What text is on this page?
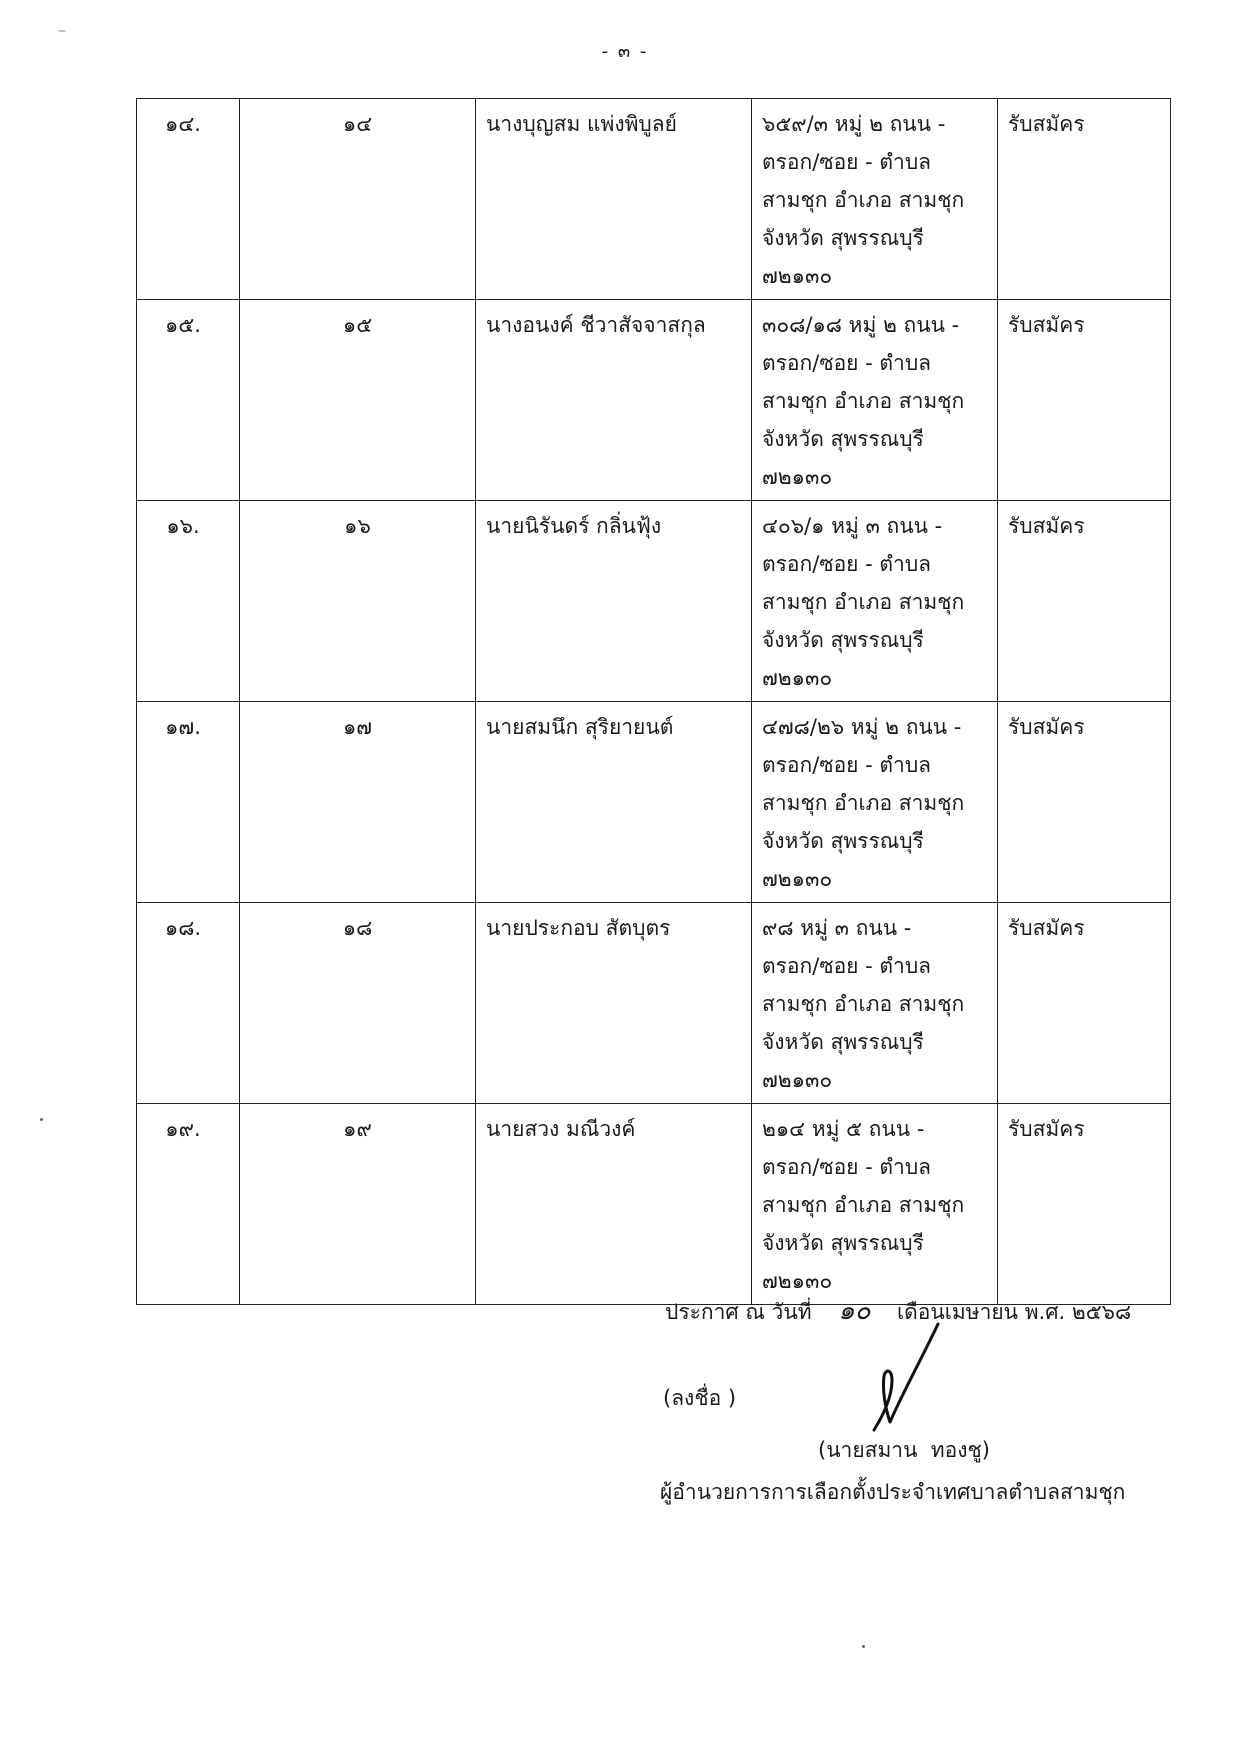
- ๓ -
๑๔.	๑๔	นางบุญสม แพ่งพิบูลย์	๖๕๙/๓ หมู่ ๒ ถนน -
ตรอก/ซอย - ตำบล
สามชุก อำเภอ สามชุก
จังหวัด สุพรรณบุรี
๗๒๑๓๐	รับสมัคร
๑๕.	๑๕	นางอนงค์ ชีวาสัจจาสกุล	๓๐๘/๑๘ หมู่ ๒ ถนน -
ตรอก/ซอย - ตำบล
สามชุก อำเภอ สามชุก
จังหวัด สุพรรณบุรี
๗๒๑๓๐	รับสมัคร
๑๖.	๑๖	นายนิรันดร์ กลิ่นฟุ้ง	๔๐๖/๑ หมู่ ๓ ถนน -
ตรอก/ซอย - ตำบล
สามชุก อำเภอ สามชุก
จังหวัด สุพรรณบุรี
๗๒๑๓๐	รับสมัคร
๑๗.	๑๗	นายสมนึก สุริยายนต์	๔๗๘/๒๖ หมู่ ๒ ถนน -
ตรอก/ซอย - ตำบล
สามชุก อำเภอ สามชุก
จังหวัด สุพรรณบุรี
๗๒๑๓๐	รับสมัคร
๑๘.	๑๘	นายประกอบ สัตบุตร	๙๘ หมู่ ๓ ถนน -
ตรอก/ซอย - ตำบล
สามชุก อำเภอ สามชุก
จังหวัด สุพรรณบุรี
๗๒๑๓๐	รับสมัคร
๑๙.	๑๙	นายสวง มณีวงค์	๒๑๔ หมู่ ๕ ถนน -
ตรอก/ซอย - ตำบล
สามชุก อำเภอ สามชุก
จังหวัด สุพรรณบุรี
๗๒๑๓๐	รับสมัคร
ประกาศ ณ วันที่ ๑๐ เดือนเมษายน พ.ศ. ๒๕๖๘
(ลงชื่อ )
(นายสมาน  ทองชู)
ผู้อำนวยการการเลือกตั้งประจำเทศบาลตำบลสามชุก
